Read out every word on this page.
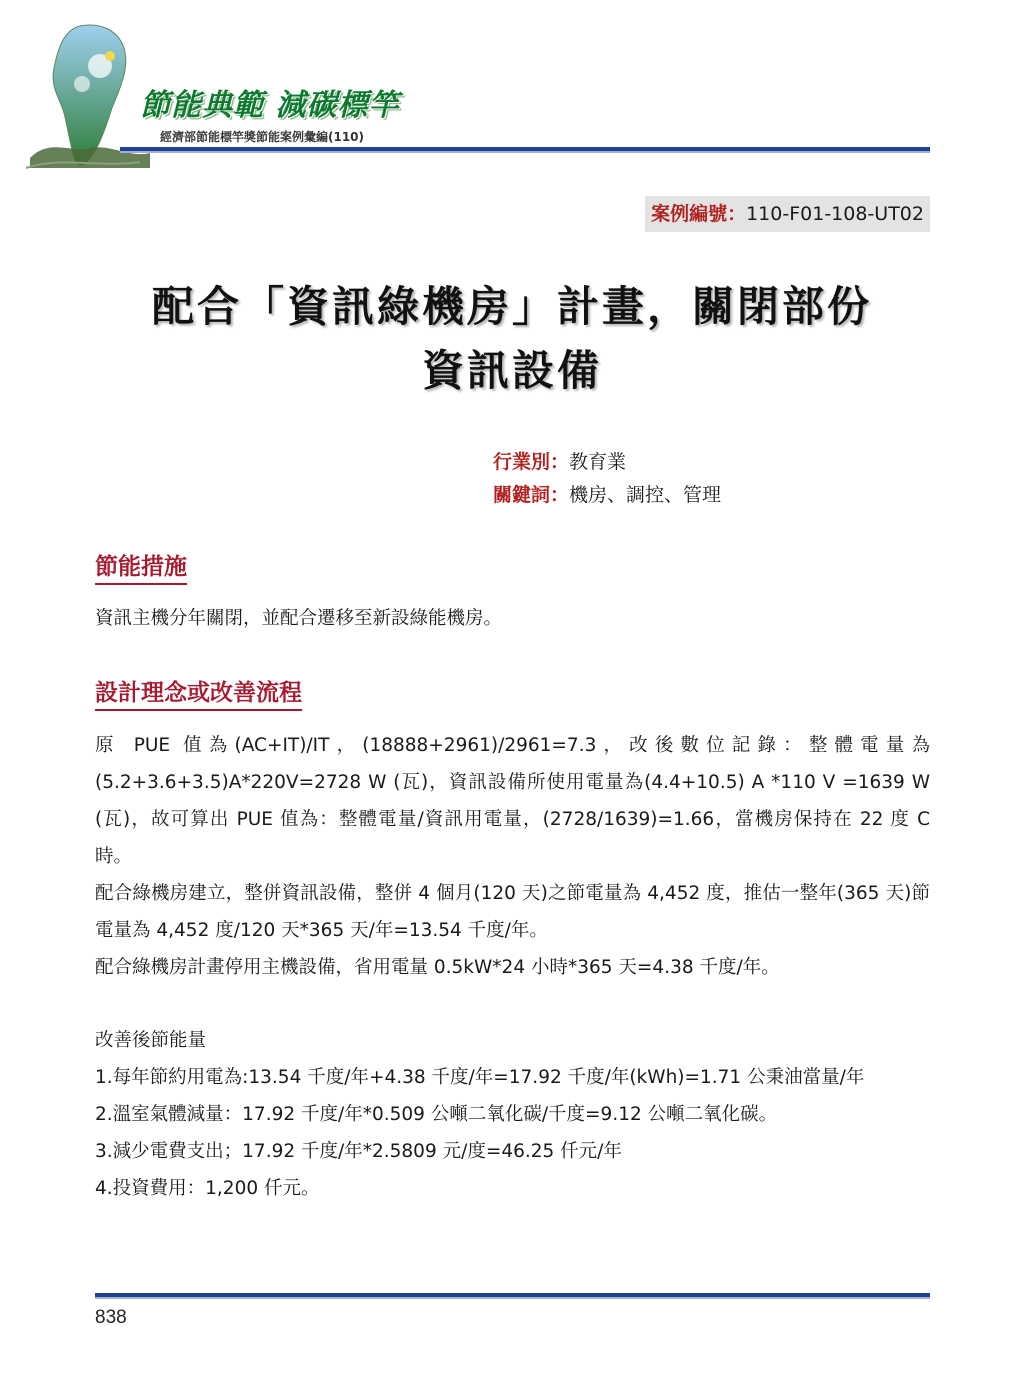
節能典範 減碳標竿
經濟部節能標竿獎節能案例彙編(110)
案例編號：110-F01-108-UT02
配合「資訊綠機房」計畫，關閉部份
資訊設備
行業別：教育業
關鍵詞：機房、調控、管理
節能措施
資訊主機分年關閉，並配合遷移至新設綠能機房。
設計理念或改善流程

原 PUE 值為(AC+IT)/IT，(18888+2961)/2961=7.3，改後數位記錄：整體電量為(5.2+3.6+3.5)A*220V=2728 W (瓦)，資訊設備所使用電量為(4.4+10.5) A *110 V =1639 W (瓦)，故可算出 PUE 值為：整體電量/資訊用電量，(2728/1639)=1.66，當機房保持在 22 度 C 時。

配合綠機房建立，整併資訊設備，整併 4 個月(120 天)之節電量為 4,452 度，推估一整年(365 天)節電量為 4,452 度/120 天*365 天/年=13.54 千度/年。

配合綠機房計畫停用主機設備，省用電量 0.5kW*24 小時*365 天=4.38 千度/年。

改善後節能量
1.每年節約用電為:13.54 千度/年+4.38 千度/年=17.92 千度/年(kWh)=1.71 公秉油當量/年
2.溫室氣體減量：17.92 千度/年*0.509 公噸二氧化碳/千度=9.12 公噸二氧化碳。
3.減少電費支出；17.92 千度/年*2.5809 元/度=46.25 仟元/年
4.投資費用：1,200 仟元。
838
